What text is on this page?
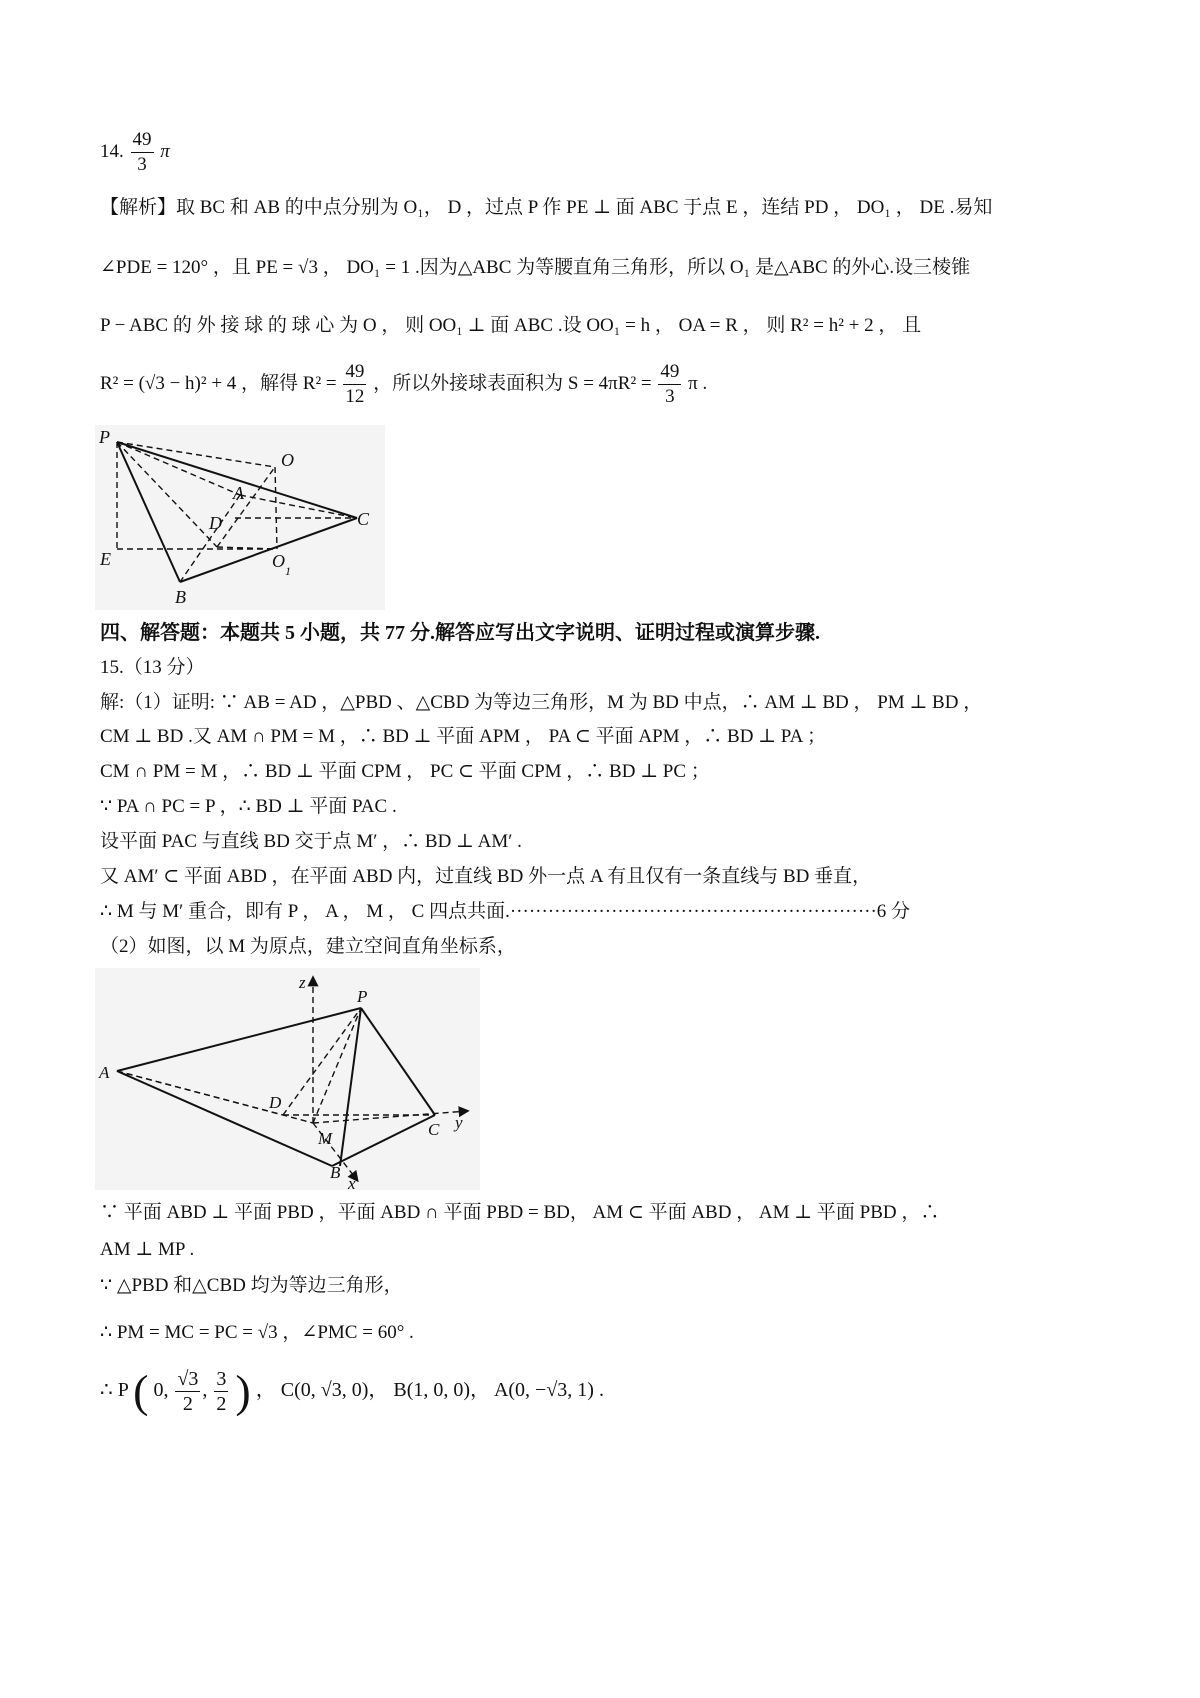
14. $\frac{49}{3}$ π
【解析】取 BC 和 AB 的中点分别为 O₁， D ，过点 P 作 PE ⊥ 面 ABC 于点 E ，连结 PD ， DO₁ ， DE .易知
∠PDE = 120° ，且 PE = √3 ， DO₁ = 1 .因为△ABC 为等腰直角三角形，所以 O₁ 是△ABC 的外心.设三棱锥
P − ABC 的 外 接 球 的 球 心 为 O ， 则 OO₁ ⊥ 面 ABC .设 OO₁ = h ， OA = R ， 则 R² = h² + 2 ， 且
R² = (√3 − h)² + 4 ，解得 $R^2 = \frac{49}{12}$ ，所以外接球表面积为 $S = 4\pi R^2 = \frac{49}{3}$ π .
P
O
A
C
D
E	O 1
B
四、解答题：本题共 5 小题，共 77 分.解答应写出文字说明、证明过程或演算步骤.
15.（13 分）
解:（1）证明: ∵ AB = AD ，△PBD 、△CBD 为等边三角形，M 为 BD 中点，∴ AM ⊥ BD ， PM ⊥ BD ，
CM ⊥ BD .又 AM ∩ PM = M ，∴ BD ⊥ 平面 APM ， PA ⊂ 平面 APM ，∴ BD ⊥ PA ；
CM ∩ PM = M ，∴ BD ⊥ 平面 CPM ， PC ⊂ 平面 CPM ，∴ BD ⊥ PC ；
∵ PA ∩ PC = P ，∴ BD ⊥ 平面 PAC .
设平面 PAC 与直线 BD 交于点 M′ ，∴ BD ⊥ AM′ .
又 AM′ ⊂ 平面 ABD ，在平面 ABD 内，过直线 BD 外一点 A 有且仅有一条直线与 BD 垂直，
∴ M 与 M′ 重合，即有 P ， A ， M ， C 四点共面.··························································6 分
（2）如图，以 M 为原点，建立空间直角坐标系，
z
P
A
D
M	C y
B
x
∵ 平面 ABD ⊥ 平面 PBD ，平面 ABD ∩ 平面 PBD = BD， AM ⊂ 平面 ABD ， AM ⊥ 平面 PBD ，∴
AM ⊥ MP .
∵ △PBD 和△CBD 均为等边三角形，
∴ PM = MC = PC = √3 ，∠PMC = 60° .
∴ P ( 0, $\frac{√3}{2}$ , $\frac{3}{2}$ ) ， C(0, √3, 0)， B(1, 0, 0)， A(0, −√3, 1) .
